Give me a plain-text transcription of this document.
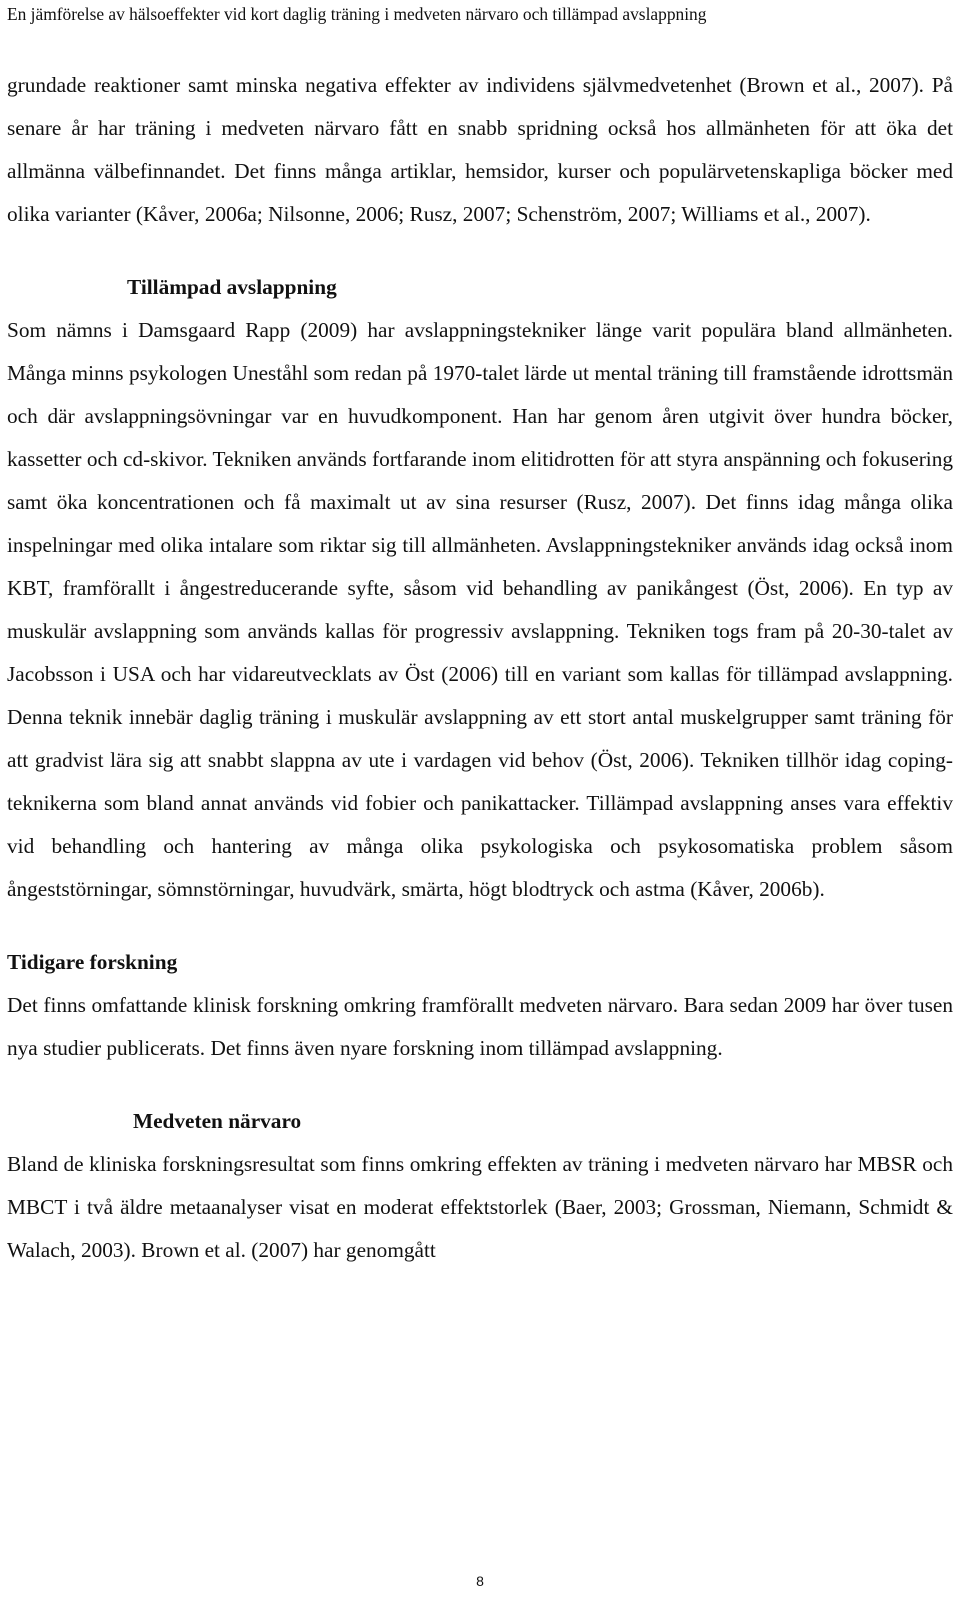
En jämförelse av hälsoeffekter vid kort daglig träning i medveten närvaro och tillämpad avslappning

grundade reaktioner samt minska negativa effekter av individens självmedvetenhet (Brown et al., 2007). På senare år har träning i medveten närvaro fått en snabb spridning också hos allmänheten för att öka det allmänna välbefinnandet. Det finns många artiklar, hemsidor, kurser och populärvetenskapliga böcker med olika varianter (Kåver, 2006a; Nilsonne, 2006; Rusz, 2007; Schenström, 2007; Williams et al., 2007).

Tillämpad avslappning

Som nämns i Damsgaard Rapp (2009) har avslappningstekniker länge varit populära bland allmänheten. Många minns psykologen Uneståhl som redan på 1970-talet lärde ut mental träning till framstående idrottsmän och där avslappningsövningar var en huvudkomponent. Han har genom åren utgivit över hundra böcker, kassetter och cd-skivor. Tekniken används fortfarande inom elitidrotten för att styra anspänning och fokusering samt öka koncentrationen och få maximalt ut av sina resurser (Rusz, 2007). Det finns idag många olika inspelningar med olika intalare som riktar sig till allmänheten. Avslappningstekniker används idag också inom KBT, framförallt i ångestreducerande syfte, såsom vid behandling av panikångest (Öst, 2006). En typ av muskulär avslappning som används kallas för progressiv avslappning. Tekniken togs fram på 20-30-talet av Jacobsson i USA och har vidareutvecklats av Öst (2006) till en variant som kallas för tillämpad avslappning. Denna teknik innebär daglig träning i muskulär avslappning av ett stort antal muskelgrupper samt träning för att gradvist lära sig att snabbt slappna av ute i vardagen vid behov (Öst, 2006). Tekniken tillhör idag coping-teknikerna som bland annat används vid fobier och panikattacker. Tillämpad avslappning anses vara effektiv vid behandling och hantering av många olika psykologiska och psykosomatiska problem såsom ångeststörningar, sömnstörningar, huvudvärk, smärta, högt blodtryck och astma (Kåver, 2006b).

Tidigare forskning

Det finns omfattande klinisk forskning omkring framförallt medveten närvaro. Bara sedan 2009 har över tusen nya studier publicerats. Det finns även nyare forskning inom tillämpad avslappning.

Medveten närvaro

Bland de kliniska forskningsresultat som finns omkring effekten av träning i medveten närvaro har MBSR och MBCT i två äldre metaanalyser visat en moderat effektstorlek (Baer, 2003; Grossman, Niemann, Schmidt & Walach, 2003). Brown et al. (2007) har genomgått

8
